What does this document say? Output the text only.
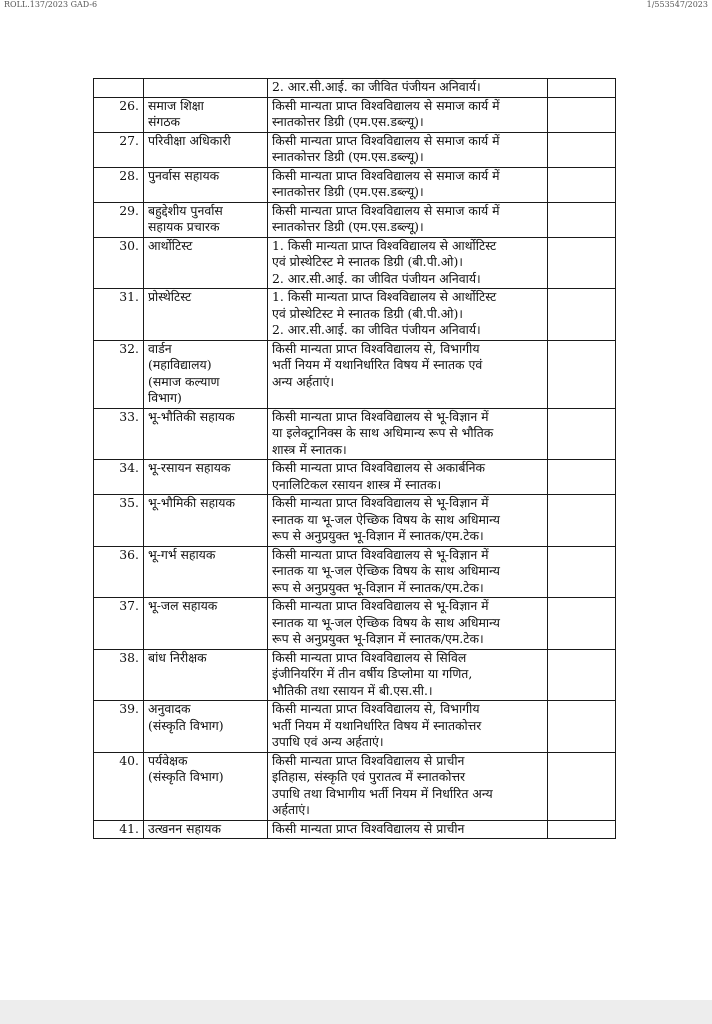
ROLL.137/2023 GAD-6	1/553547/2023

		2. आर.सी.आई. का जीवित पंजीयन अनिवार्य।	

26.	समाज शिक्षा
संगठक	किसी मान्यता प्राप्त विश्वविद्यालय से समाज कार्य में
स्नातकोत्तर डिग्री (एम.एस.डब्ल्यू)।	

27.	परिवीक्षा अधिकारी	किसी मान्यता प्राप्त विश्वविद्यालय से समाज कार्य में
स्नातकोत्तर डिग्री (एम.एस.डब्ल्यू)।	

28.	पुनर्वास सहायक	किसी मान्यता प्राप्त विश्वविद्यालय से समाज कार्य में
स्नातकोत्तर डिग्री (एम.एस.डब्ल्यू)।	

29.	बहुद्देशीय पुनर्वास
सहायक प्रचारक	किसी मान्यता प्राप्त विश्वविद्यालय से समाज कार्य में
स्नातकोत्तर डिग्री (एम.एस.डब्ल्यू)।	

30.	आर्थोटिस्ट	1. किसी मान्यता प्राप्त विश्वविद्यालय से आर्थोटिस्ट
एवं प्रोस्थेटिस्ट मे स्नातक डिग्री (बी.पी.ओ)।
2. आर.सी.आई. का जीवित पंजीयन अनिवार्य।	

31.	प्रोस्थेटिस्ट	1. किसी मान्यता प्राप्त विश्वविद्यालय से आर्थोटिस्ट
एवं प्रोस्थेटिस्ट मे स्नातक डिग्री (बी.पी.ओ)।
2. आर.सी.आई. का जीवित पंजीयन अनिवार्य।	

32.	वार्डन
(महाविद्यालय)
(समाज कल्याण
विभाग)	किसी मान्यता प्राप्त विश्वविद्यालय से, विभागीय
भर्ती नियम में यथानिर्धारित विषय में स्नातक एवं
अन्य अर्हताएं।	

33.	भू-भौतिकी सहायक	किसी मान्यता प्राप्त विश्वविद्यालय से भू-विज्ञान में
या इलेक्ट्रानिक्स के साथ अधिमान्य रूप से भौतिक
शास्त्र में स्नातक।	

34.	भू-रसायन सहायक	किसी मान्यता प्राप्त विश्वविद्यालय से अकार्बनिक
एनालिटिकल रसायन शास्त्र में स्नातक।	

35.	भू-भौमिकी सहायक	किसी मान्यता प्राप्त विश्वविद्यालय से भू-विज्ञान में
स्नातक या भू-जल ऐच्छिक विषय के साथ अधिमान्य
रूप से अनुप्रयुक्त भू-विज्ञान में स्नातक/एम.टेक।	

36.	भू-गर्भ सहायक	किसी मान्यता प्राप्त विश्वविद्यालय से भू-विज्ञान में
स्नातक या भू-जल ऐच्छिक विषय के साथ अधिमान्य
रूप से अनुप्रयुक्त भू-विज्ञान में स्नातक/एम.टेक।	

37.	भू-जल सहायक	किसी मान्यता प्राप्त विश्वविद्यालय से भू-विज्ञान में
स्नातक या भू-जल ऐच्छिक विषय के साथ अधिमान्य
रूप से अनुप्रयुक्त भू-विज्ञान में स्नातक/एम.टेक।	

38.	बांध निरीक्षक	किसी मान्यता प्राप्त विश्वविद्यालय से सिविल
इंजीनियरिंग में तीन वर्षीय डिप्लोमा या गणित,
भौतिकी तथा रसायन में बी.एस.सी.।	

39.	अनुवादक
(संस्कृति विभाग)	किसी मान्यता प्राप्त विश्वविद्यालय से, विभागीय
भर्ती नियम में यथानिर्धारित विषय में स्नातकोत्तर
उपाधि एवं अन्य अर्हताएं।	

40.	पर्यवेक्षक
(संस्कृति विभाग)	किसी मान्यता प्राप्त विश्वविद्यालय से प्राचीन
इतिहास, संस्कृति एवं पुरातत्व में स्नातकोत्तर
उपाधि तथा विभागीय भर्ती नियम में निर्धारित अन्य
अर्हताएं।	

41.	उत्खनन सहायक	किसी मान्यता प्राप्त विश्वविद्यालय से प्राचीन	
